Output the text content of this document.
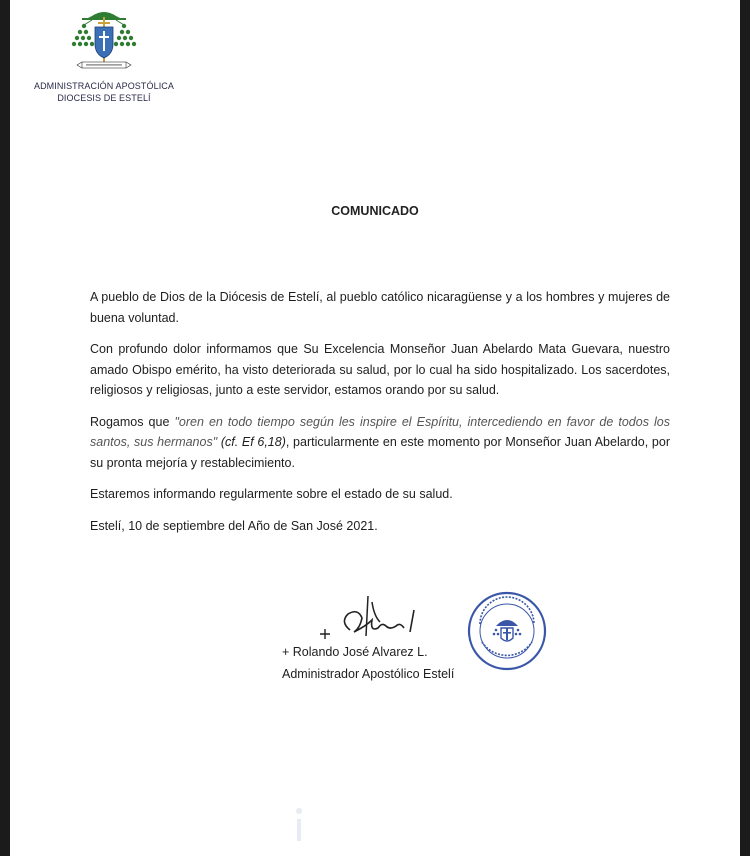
ADMINISTRACIÓN APOSTÓLICA
DIOCESIS DE ESTELÍ
COMUNICADO

A pueblo de Dios de la Diócesis de Estelí, al pueblo católico nicaragüense y a los hombres y mujeres de buena voluntad.

Con profundo dolor informamos que Su Excelencia Monseñor Juan Abelardo Mata Guevara, nuestro amado Obispo emérito, ha visto deteriorada su salud, por lo cual ha sido hospitalizado. Los sacerdotes, religiosos y religiosas, junto a este servidor, estamos orando por su salud.

Rogamos que "oren en todo tiempo según les inspire el Espíritu, intercediendo en favor de todos los santos, sus hermanos" (cf. Ef 6,18), particularmente en este momento por Monseñor Juan Abelardo, por su pronta mejoría y restablecimiento.

Estaremos informando regularmente sobre el estado de su salud.

Estelí, 10 de septiembre del Año de San José 2021.

+ Rolando José Alvarez L.
Administrador Apostólico Estelí
